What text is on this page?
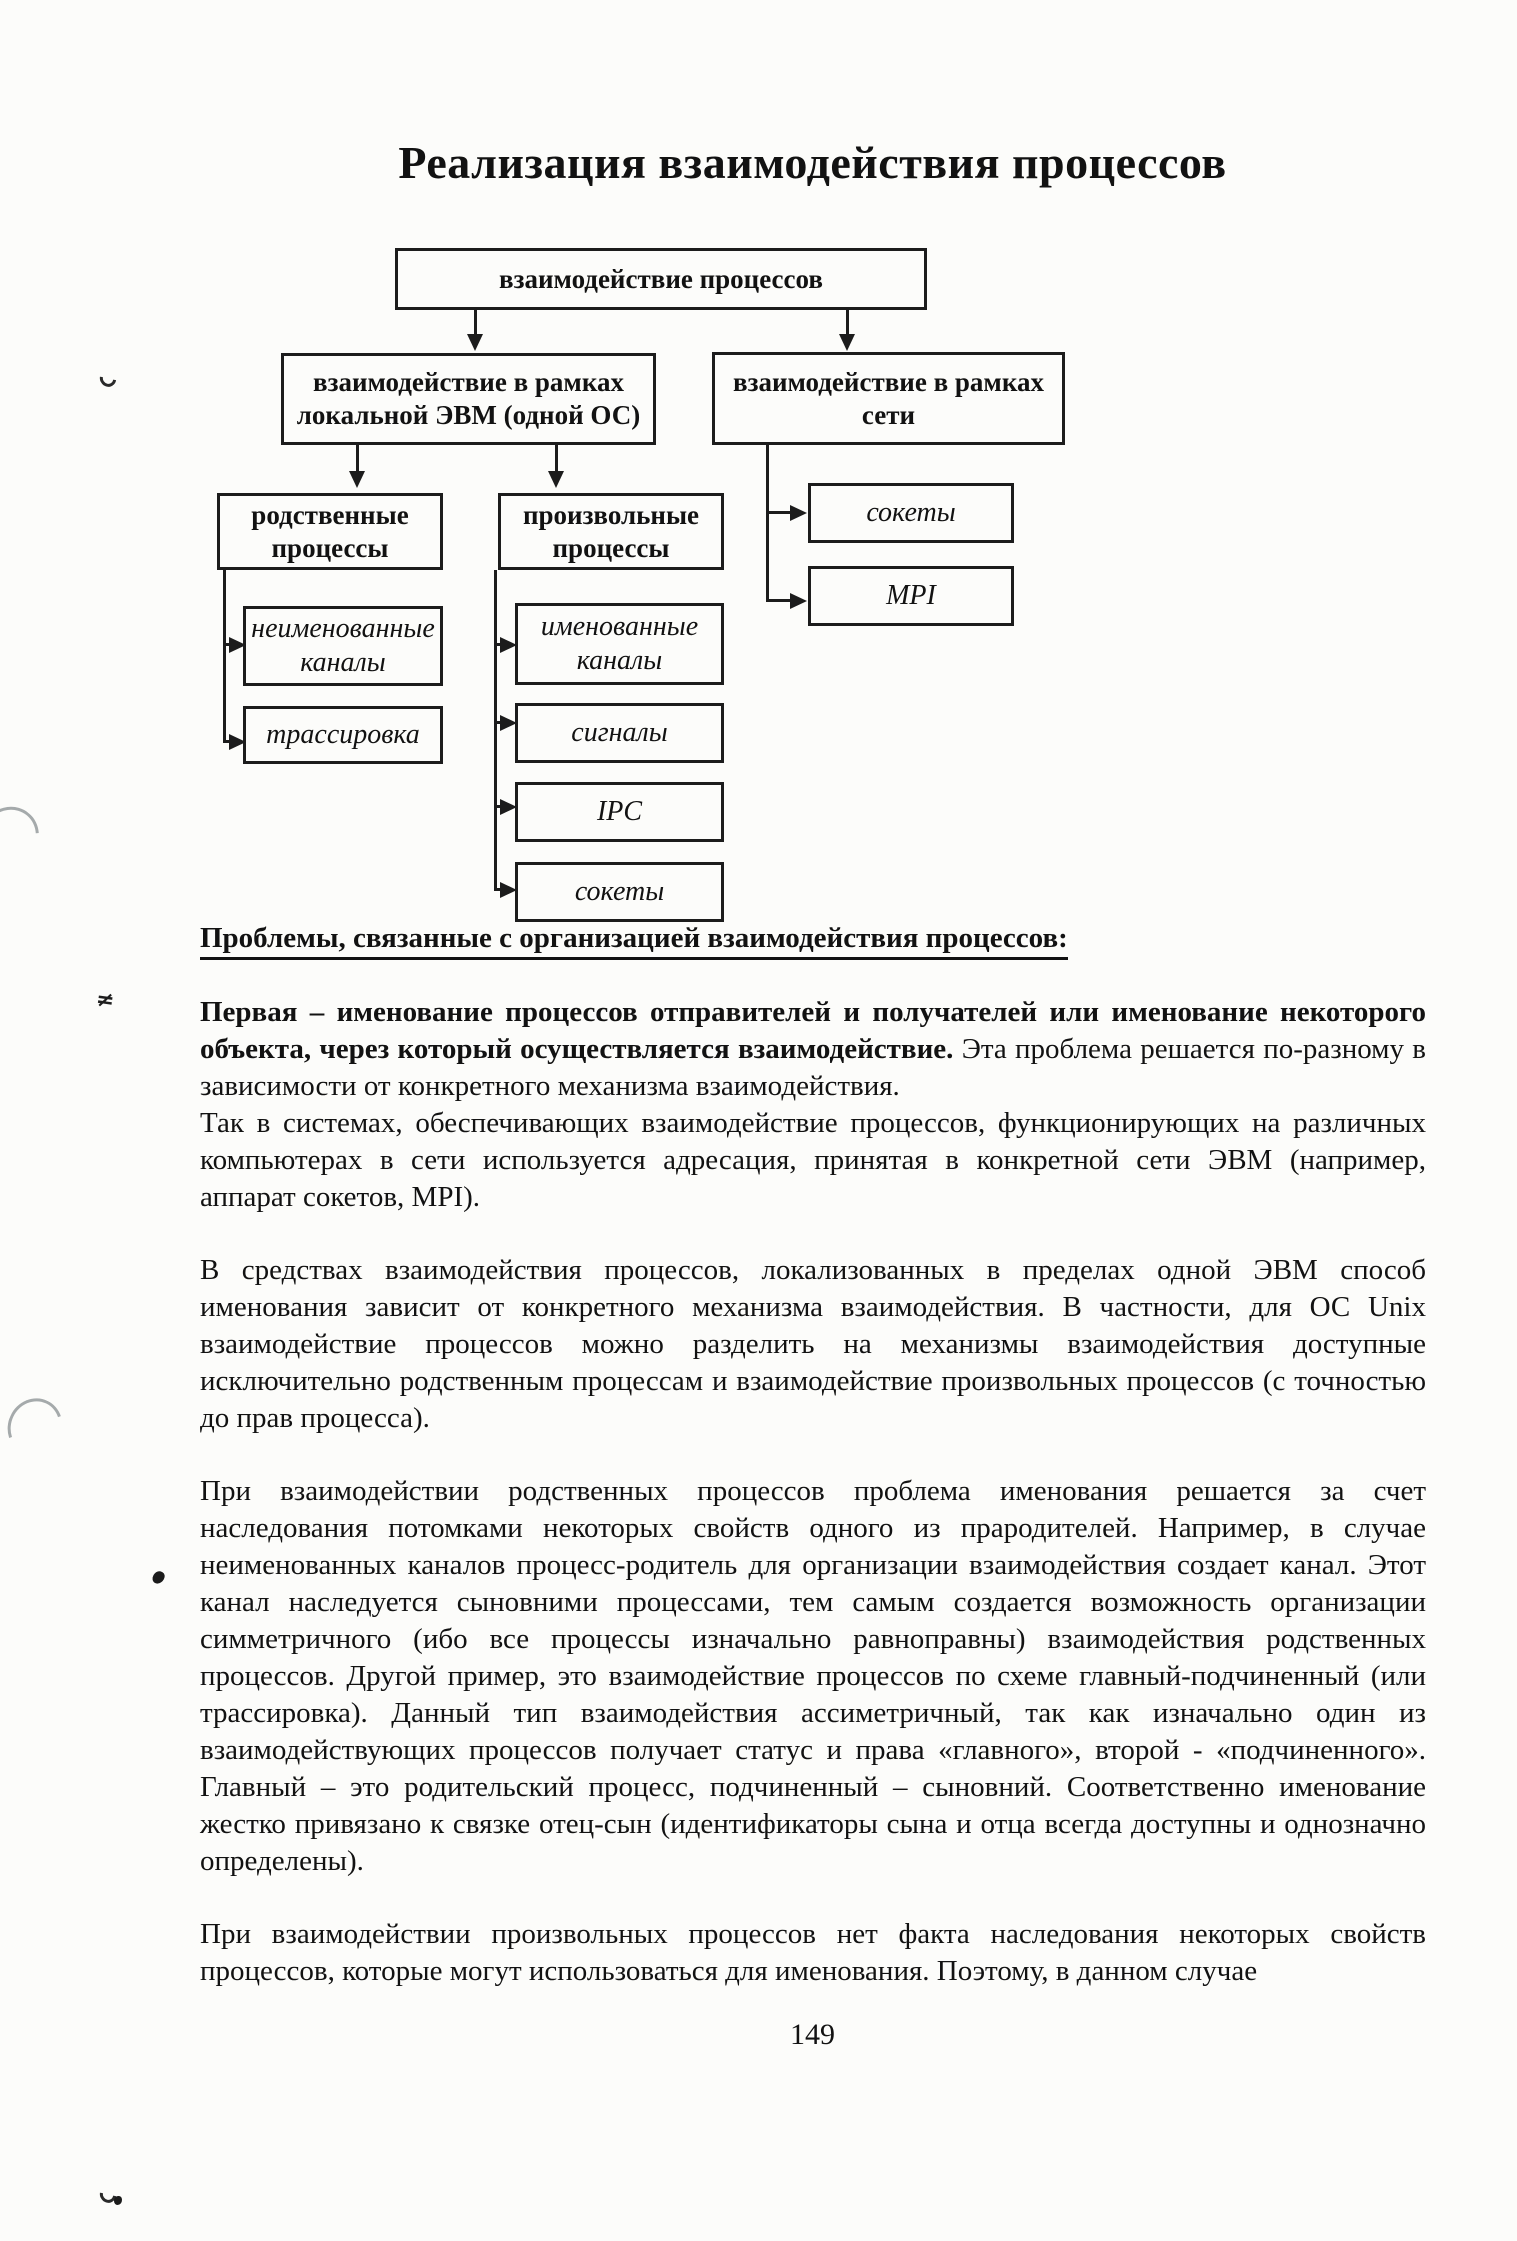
Реализация взаимодействия процессов
взаимодействие процессов
взаимодействие в рамках
локальной ЭВМ (одной ОС)
взаимодействие в рамках
сети
родственные процессы
произвольные процессы
неименованные каналы
трассировка
именованные каналы
сигналы
IPC
сокеты
сокеты
MPI
Проблемы, связанные с организацией взаимодействия процессов:

Первая – именование процессов отправителей и получателей или именование некоторого объекта, через который осуществляется взаимодействие. Эта проблема решается по-разному в зависимости от конкретного механизма взаимодействия.

Так в системах, обеспечивающих взаимодействие процессов, функционирующих на различных компьютерах в сети используется адресация, принятая в конкретной сети ЭВМ (например, аппарат сокетов, MPI).

В средствах взаимодействия процессов, локализованных в пределах одной ЭВМ способ именования зависит от конкретного механизма взаимодействия. В частности, для ОС Unix взаимодействие процессов можно разделить на механизмы взаимодействия доступные исключительно родственным процессам и взаимодействие произвольных процессов (с точностью до прав процесса).

При взаимодействии родственных процессов проблема именования решается за счет наследования потомками некоторых свойств одного из прародителей. Например, в случае неименованных каналов процесс-родитель для организации взаимодействия создает канал. Этот канал наследуется сыновними процессами, тем самым создается возможность организации симметричного (ибо все процессы изначально равноправны) взаимодействия родственных процессов. Другой пример, это взаимодействие процессов по схеме главный-подчиненный (или трассировка). Данный тип взаимодействия ассиметричный, так как изначально один из взаимодействующих процессов получает статус и права «главного», второй - «подчиненного». Главный – это родительский процесс, подчиненный – сыновний. Соответственно именование жестко привязано к связке отец-сын (идентификаторы сына и отца всегда доступны и однозначно определены).

При взаимодействии произвольных процессов нет факта наследования некоторых свойств процессов, которые могут использоваться для именования. Поэтому, в данном случае

149
≠
